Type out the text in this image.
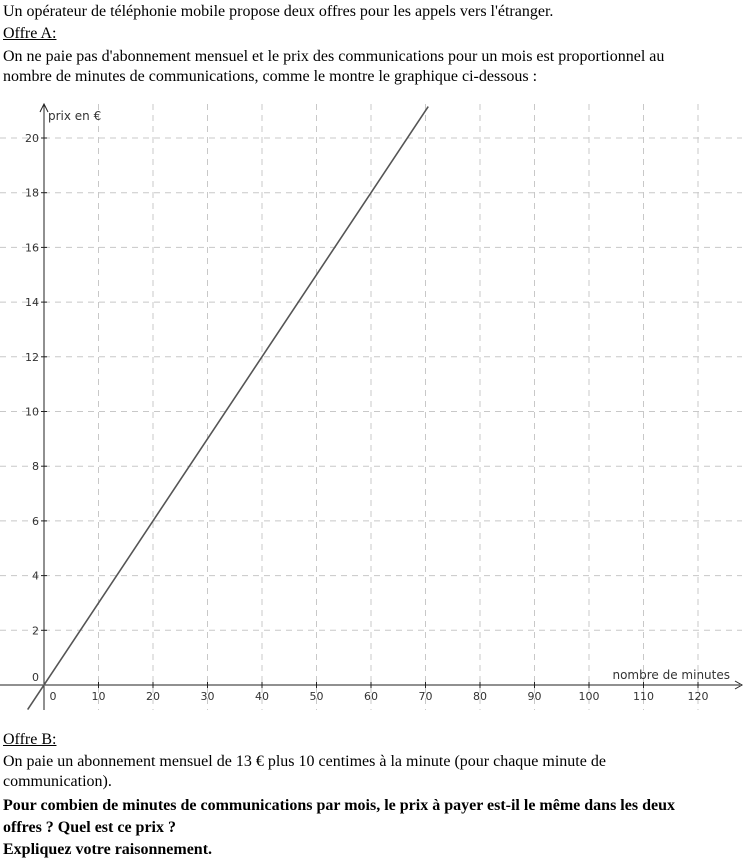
Un opérateur de téléphonie mobile propose deux offres pour les appels vers l'étranger.
Offre A:
On ne paie pas d'abonnement mensuel et le prix des communications pour un mois est proportionnel au
nombre de minutes de communications, comme le montre le graphique ci-dessous :
0	10	20	30	40	50	60	70	80	90	100	110	120
0
2
4
6
8
10
12
14
16
18
20
prix en €
nombre de minutes
Offre B:
On paie un abonnement mensuel de 13 € plus 10 centimes à la minute (pour chaque minute de
communication).
Pour combien de minutes de communications par mois, le prix à payer est-il le même dans les deux
offres ? Quel est ce prix ?
Expliquez votre raisonnement.
